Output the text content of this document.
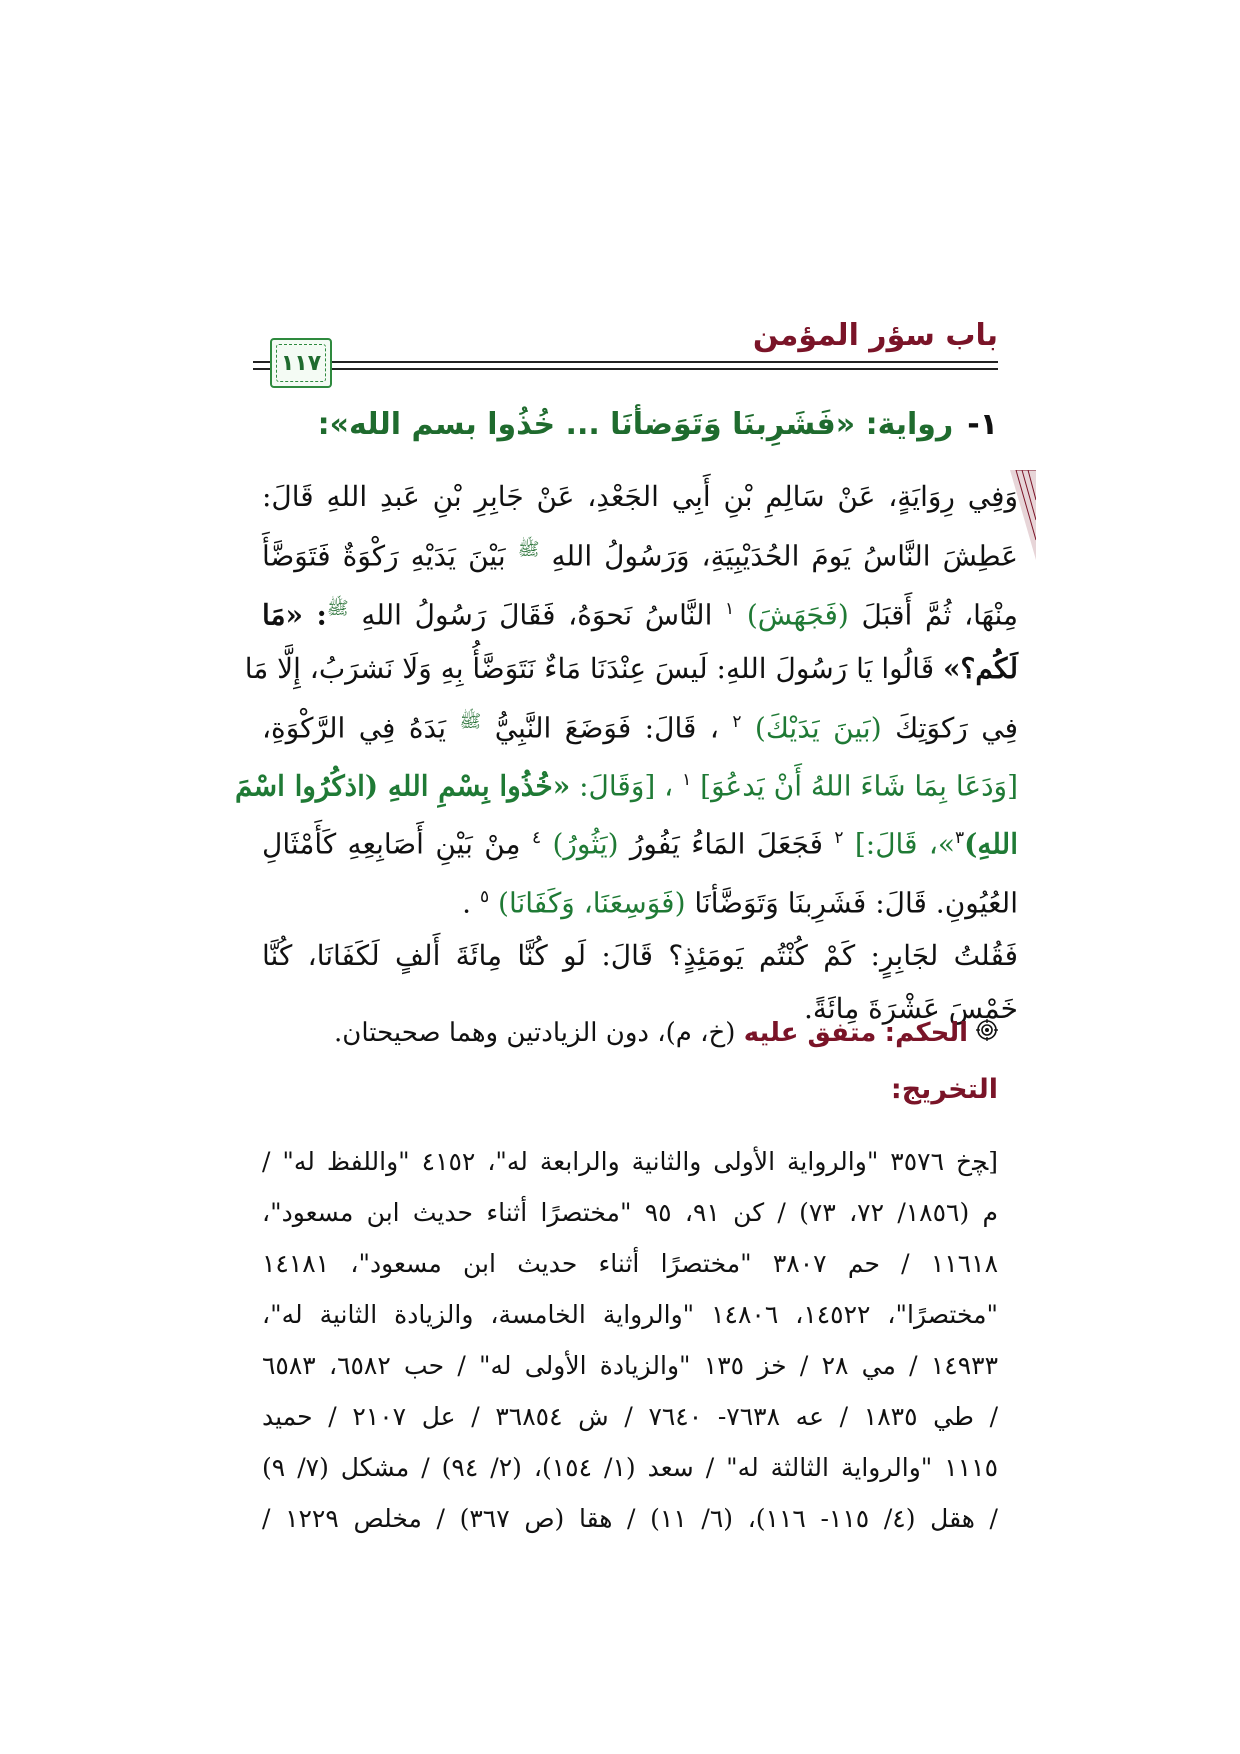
باب سؤر المؤمن
١١٧
١-رواية: «فَشَرِبنَا وَتَوَضأنَا ... خُذُوا بسم الله»:
وَفِي رِوَايَةٍ، عَنْ سَالِمِ بْنِ أَبِي الجَعْدِ، عَنْ جَابِرِ بْنِ عَبدِ اللهِ قَالَ:
عَطِشَ النَّاسُ يَومَ الحُدَيْبِيَةِ، وَرَسُولُ اللهِ $^ﷺ$ بَيْنَ يَدَيْهِ رَكْوَةٌ فَتَوَضَّأَ
مِنْهَا، ثُمَّ أَقبَلَ (فَجَهَشَ) $^١$ النَّاسُ نَحوَهُ، فَقَالَ رَسُولُ اللهِ $^ﷺ$: «مَا
لَكُم؟» قَالُوا يَا رَسُولَ اللهِ: لَيسَ عِنْدَنَا مَاءٌ نَتَوَضَّأُ بِهِ وَلَا نَشرَبُ، إِلَّا مَا
فِي رَكوَتِكَ (بَينَ يَدَيْكَ) $^٢$ ، قَالَ: فَوَضَعَ النَّبِيُّ $^ﷺ$ يَدَهُ فِي الرَّكْوَةِ،
[وَدَعَا بِمَا شَاءَ اللهُ أَنْ يَدعُوَ] $^١$ ، [وَقَالَ: «خُذُوا بِسْمِ اللهِ (اذكُرُوا اسْمَ
اللهِ)$^٣$»، قَالَ:] $^٢$ فَجَعَلَ المَاءُ يَفُورُ (يَثُورُ) $^٤$ مِنْ بَيْنِ أَصَابِعِهِ كَأَمْثَالِ
العُيُونِ. قَالَ: فَشَرِبنَا وَتَوَضَّأنَا (فَوَسِعَنَا، وَكَفَانَا) $^٥$ .
فَقُلتُ لجَابِرٍ: كَمْ كُنْتُم يَومَئِذٍ؟ قَالَ: لَو كُنَّا مِائَةَ أَلفٍ لَكَفَانَا، كُنَّا
خَمْسَ عَشْرَةَ مِائَةً.
الحكم: متفق عليه (خ، م)، دون الزيادتين وهما صحيحتان.
التخريج:
[ﭽخ ٣٥٧٦ "والرواية الأولى والثانية والرابعة له"، ٤١٥٢ "واللفظ له" /
م (١٨٥٦/ ٧٢، ٧٣) / كن ٩١، ٩٥ "مختصرًا أثناء حديث ابن مسعود"،
١١٦١٨ / حم ٣٨٠٧ "مختصرًا أثناء حديث ابن مسعود"، ١٤١٨١
"مختصرًا"، ١٤٥٢٢، ١٤٨٠٦ "والرواية الخامسة، والزيادة الثانية له"،
١٤٩٣٣ / مي ٢٨ / خز ١٣٥ "والزيادة الأولى له" / حب ٦٥٨٢، ٦٥٨٣
/ طي ١٨٣٥ / عه ٧٦٣٨- ٧٦٤٠ / ش ٣٦٨٥٤ / عل ٢١٠٧ / حميد
١١١٥ "والرواية الثالثة له" / سعد (١/ ١٥٤)، (٢/ ٩٤) / مشكل (٧/ ٩)
/ هقل (٤/ ١١٥- ١١٦)، (٦/ ١١) / هقا (ص ٣٦٧) / مخلص ١٢٢٩ /
